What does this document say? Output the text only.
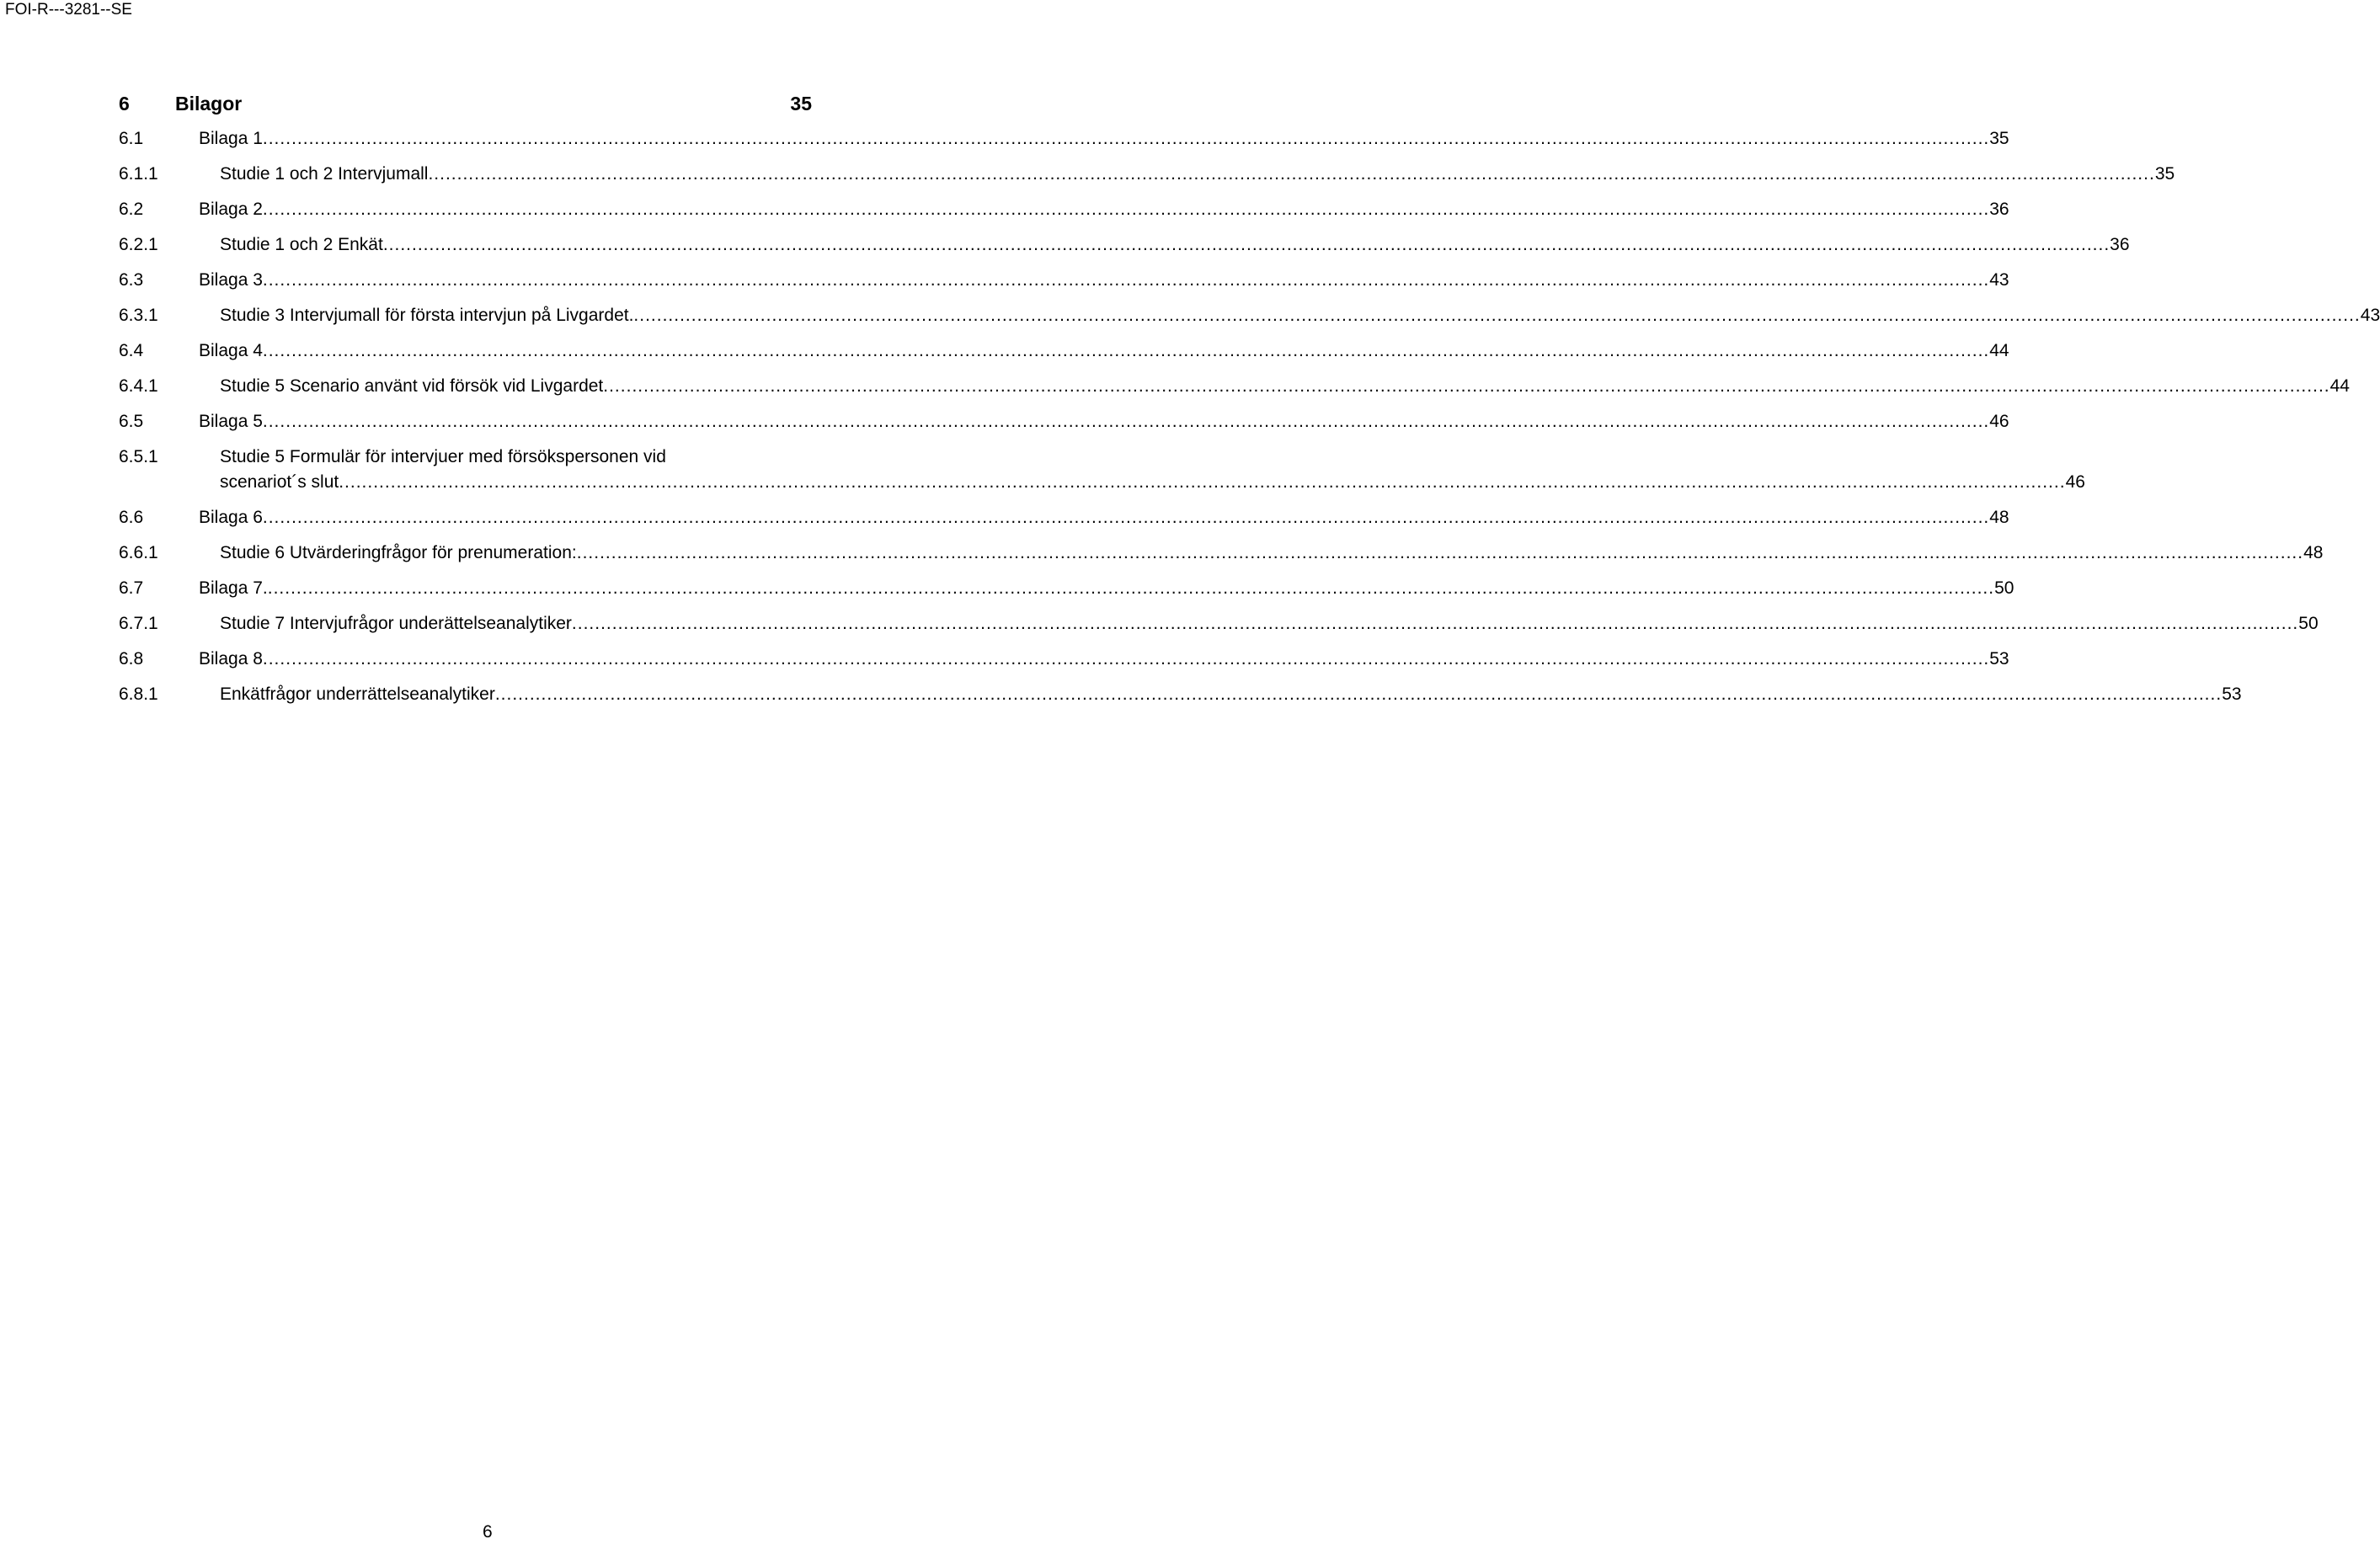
FOI-R---3281--SE
6 Bilagor	35
6.1	Bilaga 1 ............................................................................................................................................................................................................................................................................................................ 35
6.1.1	Studie 1 och 2 Intervjumall ............................................................................................................................................................................................................................................................................................................ 35
6.2	Bilaga 2 ............................................................................................................................................................................................................................................................................................................ 36
6.2.1	Studie 1 och 2 Enkät ............................................................................................................................................................................................................................................................................................................ 36
6.3	Bilaga 3 ............................................................................................................................................................................................................................................................................................................ 43
6.3.1	Studie 3 Intervjumall för första intervjun på Livgardet. ............................................................................................................................................................................................................................................................................................................ 43
6.4	Bilaga 4 ............................................................................................................................................................................................................................................................................................................ 44
6.4.1	Studie 5 Scenario använt vid försök vid Livgardet ............................................................................................................................................................................................................................................................................................................ 44
6.5	Bilaga 5 ............................................................................................................................................................................................................................................................................................................ 46
6.5.1	Studie 5 Formulär för intervjuer med försökspersonen vid
scenariot´s slut ............................................................................................................................................................................................................................................................................................................ 46
6.6	Bilaga 6 ............................................................................................................................................................................................................................................................................................................ 48
6.6.1	Studie 6 Utvärderingfrågor för prenumeration: ............................................................................................................................................................................................................................................................................................................ 48
6.7	Bilaga 7. ............................................................................................................................................................................................................................................................................................................ 50
6.7.1	Studie 7 Intervjufrågor underättelseanalytiker ............................................................................................................................................................................................................................................................................................................ 50
6.8	Bilaga 8 ............................................................................................................................................................................................................................................................................................................ 53
6.8.1	Enkätfrågor underrättelseanalytiker ............................................................................................................................................................................................................................................................................................................ 53
6
